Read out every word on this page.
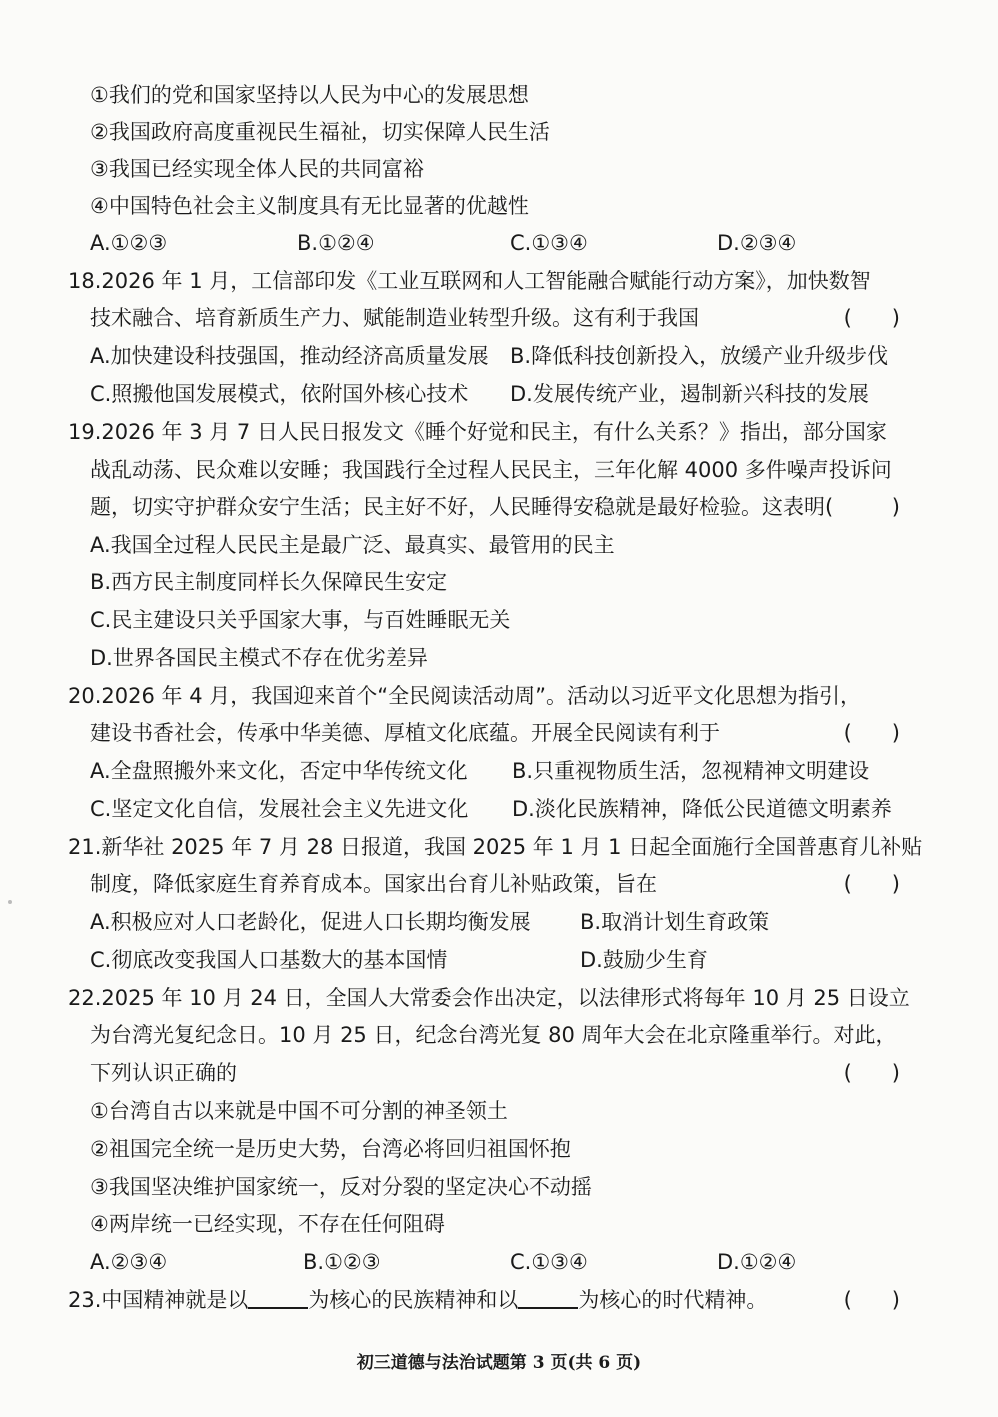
①我们的党和国家坚持以人民为中心的发展思想
②我国政府高度重视民生福祉，切实保障人民生活
③我国已经实现全体人民的共同富裕
④中国特色社会主义制度具有无比显著的优越性
A.①②③	B.①②④	C.①③④	D.②③④
18.2026 年 1 月，工信部印发《工业互联网和人工智能融合赋能行动方案》，加快数智
技术融合、培育新质生产力、赋能制造业转型升级。这有利于我国	(      )
A.加快建设科技强国，推动经济高质量发展 B.降低科技创新投入，放缓产业升级步伐
C.照搬他国发展模式，依附国外核心技术 D.发展传统产业，遏制新兴科技的发展
19.2026 年 3 月 7 日人民日报发文《睡个好觉和民主，有什么关系？》指出，部分国家
战乱动荡、民众难以安睡；我国践行全过程人民民主，三年化解 4000 多件噪声投诉问
题，切实守护群众安宁生活；民主好不好，人民睡得安稳就是最好检验。这表明(	)
A.我国全过程人民民主是最广泛、最真实、最管用的民主
B.西方民主制度同样长久保障民生安定
C.民主建设只关乎国家大事，与百姓睡眠无关
D.世界各国民主模式不存在优劣差异
20.2026 年 4 月，我国迎来首个“全民阅读活动周”。活动以习近平文化思想为指引，
建设书香社会，传承中华美德、厚植文化底蕴。开展全民阅读有利于	(      )
A.全盘照搬外来文化，否定中华传统文化 B.只重视物质生活，忽视精神文明建设
C.坚定文化自信，发展社会主义先进文化 D.淡化民族精神，降低公民道德文明素养
21.新华社 2025 年 7 月 28 日报道，我国 2025 年 1 月 1 日起全面施行全国普惠育儿补贴
制度，降低家庭生育养育成本。国家出台育儿补贴政策，旨在	(      )
A.积极应对人口老龄化，促进人口长期均衡发展 B.取消计划生育政策
C.彻底改变我国人口基数大的基本国情	D.鼓励少生育
22.2025 年 10 月 24 日，全国人大常委会作出决定，以法律形式将每年 10 月 25 日设立
为台湾光复纪念日。10 月 25 日，纪念台湾光复 80 周年大会在北京隆重举行。对此，
下列认识正确的	(      )
①台湾自古以来就是中国不可分割的神圣领土
②祖国完全统一是历史大势，台湾必将回归祖国怀抱
③我国坚决维护国家统一，反对分裂的坚定决心不动摇
④两岸统一已经实现，不存在任何阻碍
A.②③④	B.①②③	C.①③④	D.①②④
23.中国精神就是以	为核心的民族精神和以	为核心的时代精神。	(      )
初三道德与法治试题第 3 页(共 6 页)
